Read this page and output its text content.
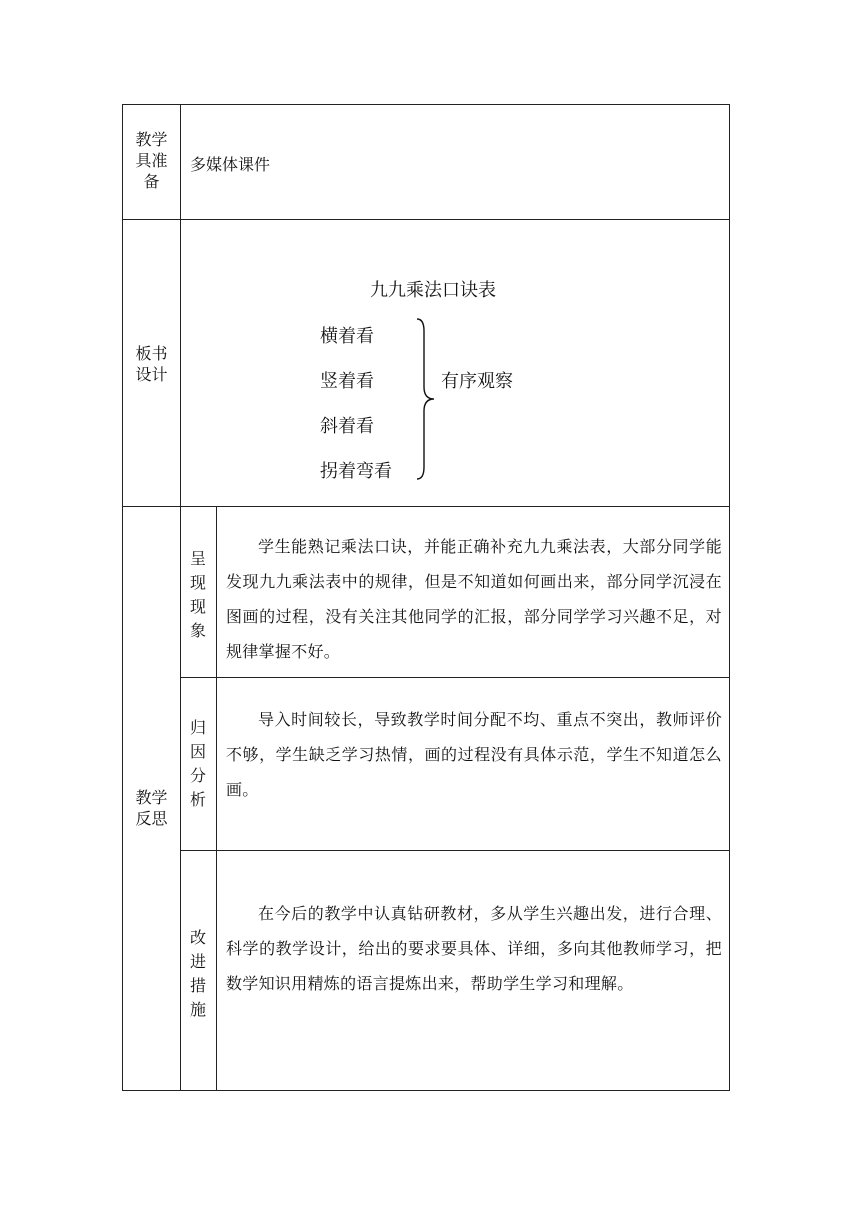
教学
具准
备
多媒体课件
板书
设计
九九乘法口诀表
横着看
竖着看
斜着看
拐着弯看
有序观察
教学
反思
呈
现
现
象
学生能熟记乘法口诀，并能正确补充九九乘法表，大部分同学能发现九九乘法表中的规律，但是不知道如何画出来，部分同学沉浸在图画的过程，没有关注其他同学的汇报，部分同学学习兴趣不足，对规律掌握不好。
归
因
分
析
导入时间较长，导致教学时间分配不均、重点不突出，教师评价不够，学生缺乏学习热情，画的过程没有具体示范，学生不知道怎么画。
改
进
措
施
在今后的教学中认真钻研教材，多从学生兴趣出发，进行合理、科学的教学设计，给出的要求要具体、详细，多向其他教师学习，把数学知识用精炼的语言提炼出来，帮助学生学习和理解。
